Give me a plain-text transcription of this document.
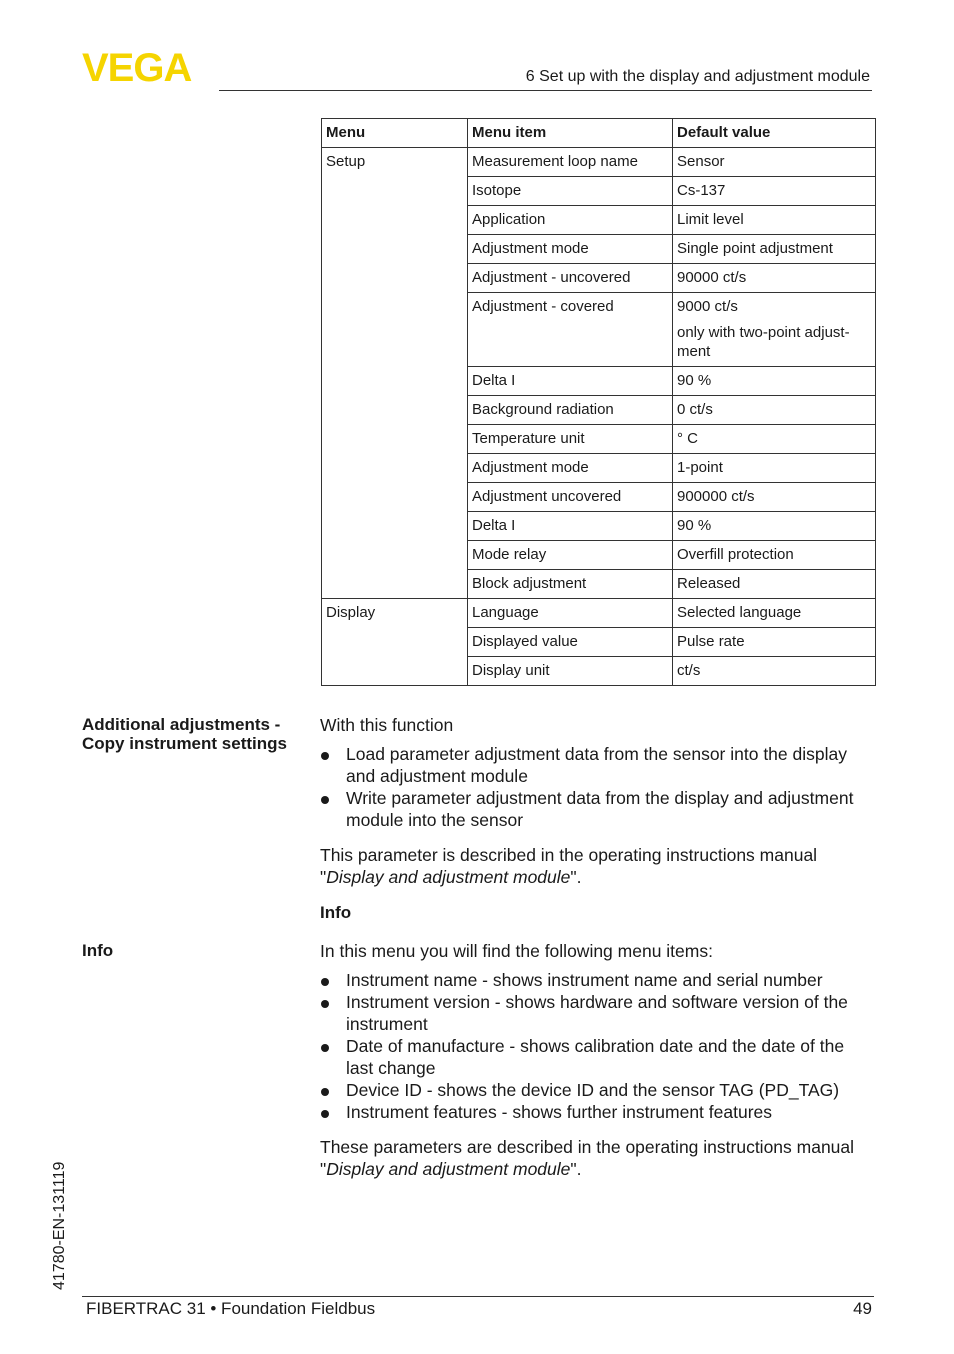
VEGA	6 Set up with the display and adjustment module
Menu	Menu item	Default value
Setup	Measurement loop name	Sensor
	Isotope	Cs-137
	Application	Limit level
	Adjustment mode	Single point adjustment
	Adjustment - uncovered	90000 ct/s
	Adjustment - covered	9000 ct/s
only with two-point adjust-ment

	Delta I	90 %
	Background radiation	0 ct/s
	Temperature unit	° C
	Adjustment mode	1-point
	Adjustment uncovered	900000 ct/s
	Delta I	90 %
	Mode relay	Overfill protection
	Block adjustment	Released
Display	Language	Selected language
	Displayed value	Pulse rate
	Display unit	ct/s
Additional adjustments -
Copy instrument settings

With this function

Load parameter adjustment data from the sensor into the display and adjustment module
Write parameter adjustment data from the display and adjustment module into the sensor

This parameter is described in the operating instructions manual
"Display and adjustment module".

Info
Info	In this menu you will find the following menu items:

Instrument name - shows instrument name and serial number
Instrument version - shows hardware and software version of the instrument
Date of manufacture - shows calibration date and the date of the last change
Device ID - shows the device ID and the sensor TAG (PD_TAG)
Instrument features - shows further instrument features

These parameters are described in the operating instructions manual
"Display and adjustment module".

41780-EN-131119
FIBERTRAC 31 • Foundation Fieldbus	49
